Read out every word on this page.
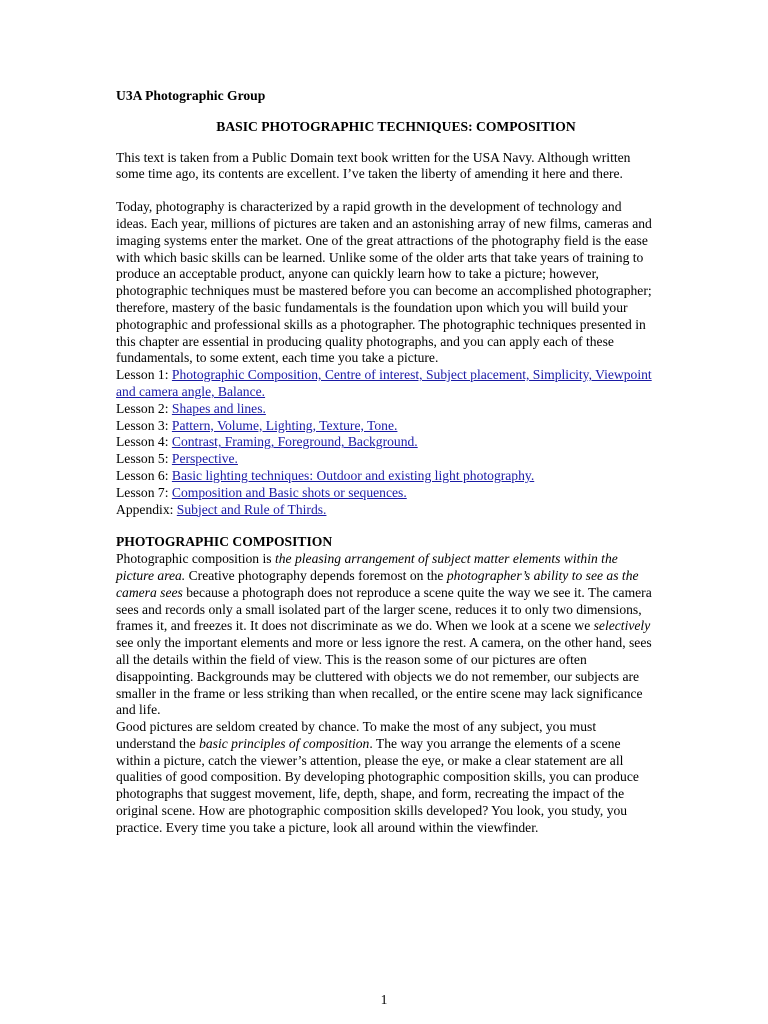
U3A Photographic Group

BASIC PHOTOGRAPHIC TECHNIQUES: COMPOSITION

This text is taken from a Public Domain text book written for the USA Navy. Although written some time ago, its contents are excellent. I’ve taken the liberty of amending it here and there.

Today, photography is characterized by a rapid growth in the development of technology and ideas. Each year, millions of pictures are taken and an astonishing array of new films, cameras and imaging systems enter the market. One of the great attractions of the photography field is the ease with which basic skills can be learned. Unlike some of the older arts that take years of training to produce an acceptable product, anyone can quickly learn how to take a picture; however, photographic techniques must be mastered before you can become an accomplished photographer; therefore, mastery of the basic fundamentals is the foundation upon which you will build your photographic and professional skills as a photographer. The photographic techniques presented in this chapter are essential in producing quality photographs, and you can apply each of these fundamentals, to some extent, each time you take a picture.

Lesson 1: Photographic Composition, Centre of interest, Subject placement, Simplicity, Viewpoint and camera angle, Balance.

Lesson 2: Shapes and lines.

Lesson 3: Pattern, Volume, Lighting, Texture, Tone.

Lesson 4: Contrast, Framing, Foreground, Background.

Lesson 5: Perspective.

Lesson 6: Basic lighting techniques: Outdoor and existing light photography.

Lesson 7: Composition and Basic shots or sequences.

Appendix: Subject and Rule of Thirds.

PHOTOGRAPHIC COMPOSITION

Photographic composition is the pleasing arrangement of subject matter elements within the picture area. Creative photography depends foremost on the photographer’s ability to see as the camera sees because a photograph does not reproduce a scene quite the way we see it. The camera sees and records only a small isolated part of the larger scene, reduces it to only two dimensions, frames it, and freezes it. It does not discriminate as we do. When we look at a scene we selectively see only the important elements and more or less ignore the rest. A camera, on the other hand, sees all the details within the field of view. This is the reason some of our pictures are often disappointing. Backgrounds may be cluttered with objects we do not remember, our subjects are smaller in the frame or less striking than when recalled, or the entire scene may lack significance and life.

Good pictures are seldom created by chance. To make the most of any subject, you must understand the basic principles of composition. The way you arrange the elements of a scene within a picture, catch the viewer’s attention, please the eye, or make a clear statement are all qualities of good composition. By developing photographic composition skills, you can produce photographs that suggest movement, life, depth, shape, and form, recreating the impact of the original scene. How are photographic composition skills developed? You look, you study, you practice. Every time you take a picture, look all around within the viewfinder.

1
